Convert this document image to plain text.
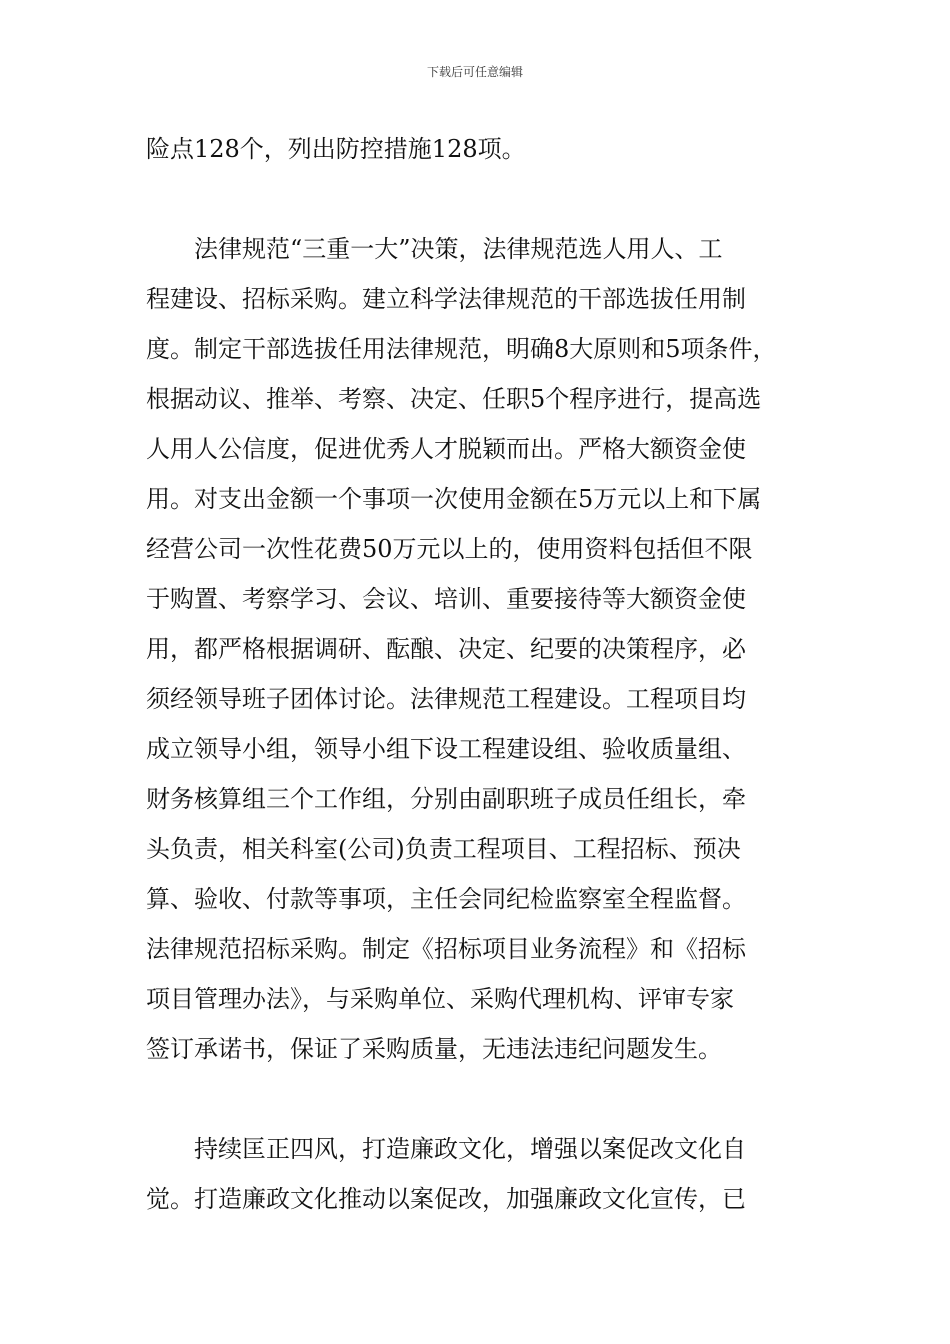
下载后可任意编辑
险点128个，列出防控措施128项。
法律规范“三重一大”决策，法律规范选人用人、工
程建设、招标采购。建立科学法律规范的干部选拔任用制
度。制定干部选拔任用法律规范，明确8大原则和5项条件，
根据动议、推举、考察、决定、任职5个程序进行，提高选
人用人公信度，促进优秀人才脱颖而出。严格大额资金使
用。对支出金额一个事项一次使用金额在5万元以上和下属
经营公司一次性花费50万元以上的，使用资料包括但不限
于购置、考察学习、会议、培训、重要接待等大额资金使
用，都严格根据调研、酝酿、决定、纪要的决策程序，必
须经领导班子团体讨论。法律规范工程建设。工程项目均
成立领导小组，领导小组下设工程建设组、验收质量组、
财务核算组三个工作组，分别由副职班子成员任组长，牵
头负责，相关科室(公司)负责工程项目、工程招标、预决
算、验收、付款等事项，主任会同纪检监察室全程监督。
法律规范招标采购。制定《招标项目业务流程》和《招标
项目管理办法》，与采购单位、采购代理机构、评审专家
签订承诺书，保证了采购质量，无违法违纪问题发生。
持续匡正四风，打造廉政文化，增强以案促改文化自
觉。打造廉政文化推动以案促改，加强廉政文化宣传，已
